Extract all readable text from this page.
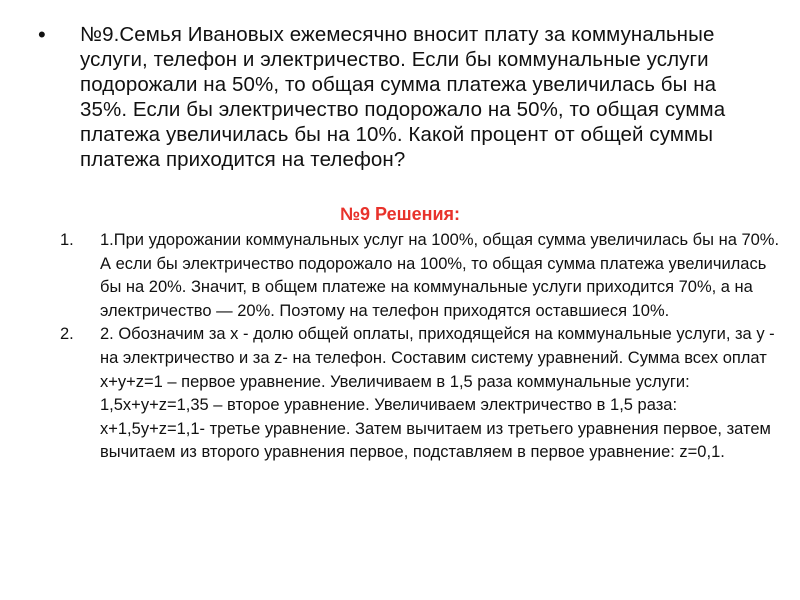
•	№9.Семья Ивановых ежемесячно вносит плату за коммунальные услуги, телефон и электричество. Если бы коммунальные услуги подорожали на 50%, то общая сумма платежа увеличилась бы на 35%. Если бы электричество подорожало на 50%, то общая сумма платежа увеличилась бы на 10%. Какой процент от общей суммы платежа приходится на телефон?
№9 Решения:
1.	1.При удорожании коммунальных услуг на 100%, общая сумма увеличилась бы на 70%. А если бы электричество подорожало на 100%, то общая сумма платежа увеличилась бы на 20%. Значит, в общем платеже на коммунальные услуги приходится 70%, а на электричество — 20%. Поэтому на телефон приходятся оставшиеся 10%.
2.	2. Обозначим за x - долю общей оплаты, приходящейся на коммунальные услуги, за y - на электричество и за z- на телефон. Составим систему уравнений. Сумма всех оплат x+y+z=1 – первое уравнение. Увеличиваем в 1,5 раза коммунальные услуги: 1,5x+y+z=1,35 – второе уравнение. Увеличиваем электричество в 1,5 раза: x+1,5y+z=1,1- третье уравнение. Затем вычитаем из третьего уравнения первое, затем вычитаем из второго уравнения первое, подставляем в первое уравнение: z=0,1.
